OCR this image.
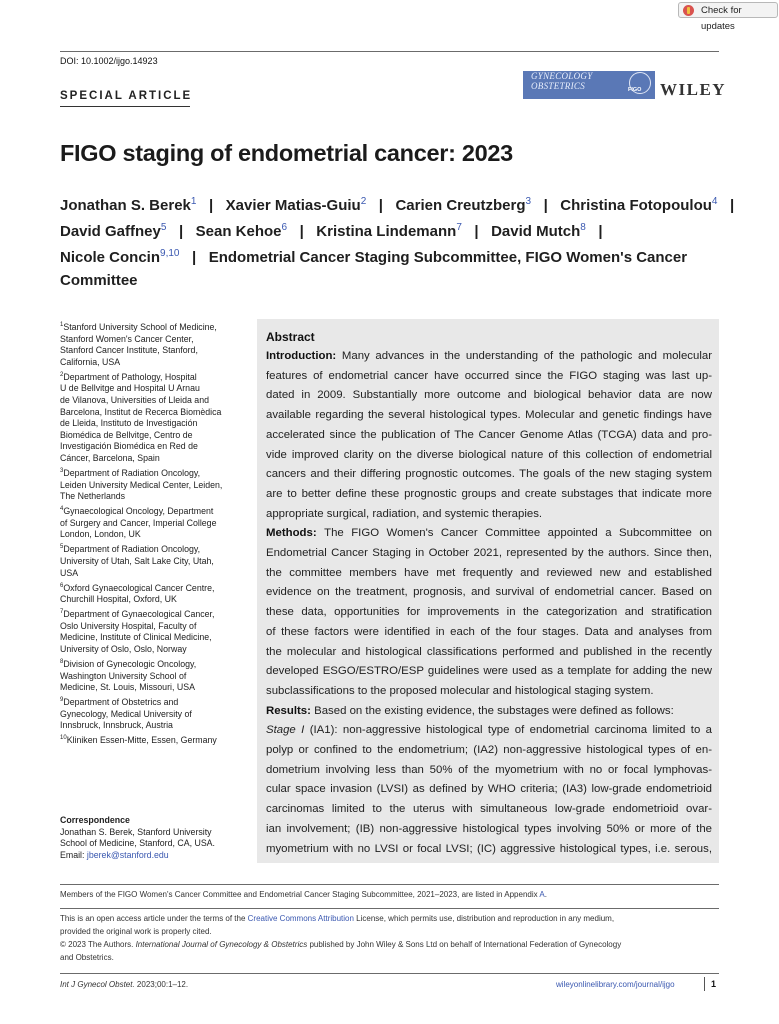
Check for updates
DOI: 10.1002/ijgo.14923
SPECIAL ARTICLE
GYNECOLOGY
OBSTETRICS	FIGO WILEY
FIGO staging of endometrial cancer: 2023
Jonathan S. Berek$^1$   |   Xavier Matias-Guiu$^2$   |   Carien Creutzberg$^3$   |   Christina Fotopoulou$^4$   |
David Gaffney$^5$   |   Sean Kehoe$^6$   |   Kristina Lindemann$^7$   |   David Mutch$^8$   |
Nicole Concin$^{9,10}$   |   Endometrial Cancer Staging Subcommittee, FIGO Women's Cancer
Committee
$^1$Stanford University School of Medicine,
Stanford Women's Cancer Center,
Stanford Cancer Institute, Stanford,
California, USA
$^2$Department of Pathology, Hospital
U de Bellvitge and Hospital U Arnau
de Vilanova, Universities of Lleida and
Barcelona, Institut de Recerca Biomèdica
de Lleida, Instituto de Investigación
Biomédica de Bellvitge, Centro de
Investigación Biomédica en Red de
Cáncer, Barcelona, Spain
$^3$Department of Radiation Oncology,
Leiden University Medical Center, Leiden,
The Netherlands
$^4$Gynaecological Oncology, Department
of Surgery and Cancer, Imperial College
London, London, UK
$^5$Department of Radiation Oncology,
University of Utah, Salt Lake City, Utah,
USA
$^6$Oxford Gynaecological Cancer Centre,
Churchill Hospital, Oxford, UK
$^7$Department of Gynaecological Cancer,
Oslo University Hospital, Faculty of
Medicine, Institute of Clinical Medicine,
University of Oslo, Oslo, Norway
$^8$Division of Gynecologic Oncology,
Washington University School of
Medicine, St. Louis, Missouri, USA
$^9$Department of Obstetrics and
Gynecology, Medical University of
Innsbruck, Innsbruck, Austria
$^{10}$Kliniken Essen-Mitte, Essen, Germany
Correspondence
Jonathan S. Berek, Stanford University
School of Medicine, Stanford, CA, USA.
Email: jberek@stanford.edu
Abstract
Introduction: Many advances in the understanding of the pathologic and molecular
features of endometrial cancer have occurred since the FIGO staging was last up-
dated in 2009. Substantially more outcome and biological behavior data are now
available regarding the several histological types. Molecular and genetic findings have
accelerated since the publication of The Cancer Genome Atlas (TCGA) data and pro-
vide improved clarity on the diverse biological nature of this collection of endometrial
cancers and their differing prognostic outcomes. The goals of the new staging system
are to better define these prognostic groups and create substages that indicate more
appropriate surgical, radiation, and systemic therapies.
Methods: The FIGO Women's Cancer Committee appointed a Subcommittee on
Endometrial Cancer Staging in October 2021, represented by the authors. Since then,
the committee members have met frequently and reviewed new and established
evidence on the treatment, prognosis, and survival of endometrial cancer. Based on
these data, opportunities for improvements in the categorization and stratification
of these factors were identified in each of the four stages. Data and analyses from
the molecular and histological classifications performed and published in the recently
developed ESGO/ESTRO/ESP guidelines were used as a template for adding the new
subclassifications to the proposed molecular and histological staging system.
Results: Based on the existing evidence, the substages were defined as follows:
Stage I (IA1): non-aggressive histological type of endometrial carcinoma limited to a
polyp or confined to the endometrium; (IA2) non-aggressive histological types of en-
dometrium involving less than 50% of the myometrium with no or focal lymphovas-
cular space invasion (LVSI) as defined by WHO criteria; (IA3) low-grade endometrioid
carcinomas limited to the uterus with simultaneous low-grade endometrioid ovar-
ian involvement; (IB) non-aggressive histological types involving 50% or more of the
myometrium with no LVSI or focal LVSI; (IC) aggressive histological types, i.e. serous,
Members of the FIGO Women's Cancer Committee and Endometrial Cancer Staging Subcommittee, 2021–2023, are listed in Appendix A.
This is an open access article under the terms of the Creative Commons Attribution License, which permits use, distribution and reproduction in any medium,
provided the original work is properly cited.
© 2023 The Authors. International Journal of Gynecology & Obstetrics published by John Wiley & Sons Ltd on behalf of International Federation of Gynecology
and Obstetrics.
Int J Gynecol Obstet. 2023;00:1–12.	wileyonlinelibrary.com/journal/ijgo	1
